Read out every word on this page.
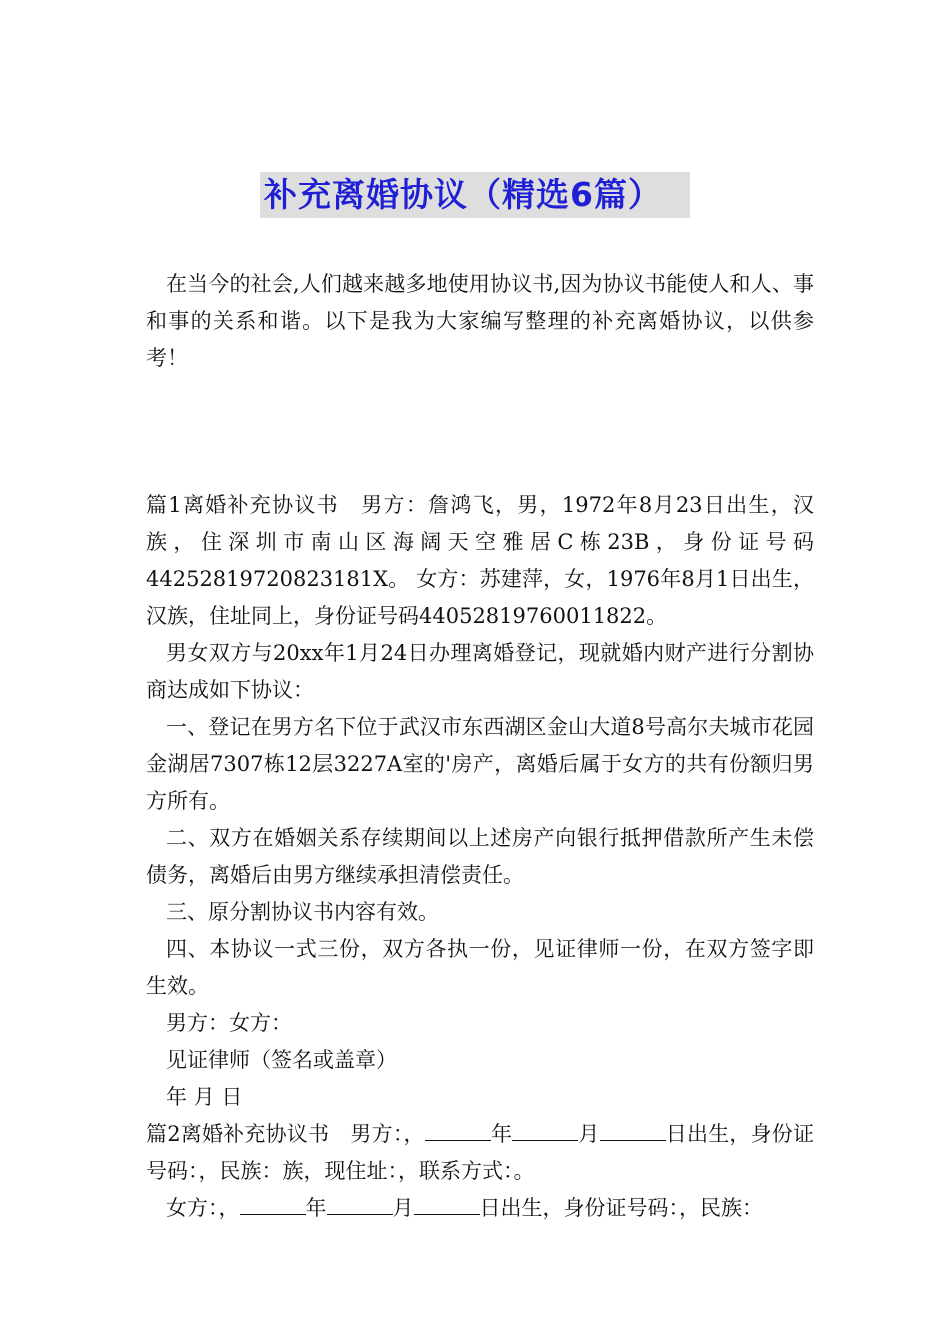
补充离婚协议（精选6篇）

在当今的社会,人们越来越多地使用协议书,因为协议书能使人和人、事和事的关系和谐。以下是我为大家编写整理的补充离婚协议，以供参考！

篇1离婚补充协议书　男方：詹鸿飞，男，1972年8月23日出生，汉族，住深圳市南山区海阔天空雅居C栋23B，身份证号码44252819720823181X。 女方：苏建萍，女，1976年8月1日出生，汉族，住址同上，身份证号码44052819760011822。

男女双方与20xx年1月24日办理离婚登记，现就婚内财产进行分割协商达成如下协议：

一、登记在男方名下位于武汉市东西湖区金山大道8号高尔夫城市花园金湖居7307栋12层3227A室的'房产，离婚后属于女方的共有份额归男方所有。

二、双方在婚姻关系存续期间以上述房产向银行抵押借款所产生未偿债务，离婚后由男方继续承担清偿责任。

三、原分割协议书内容有效。

四、本协议一式三份，双方各执一份，见证律师一份，在双方签字即生效。

男方：女方：

见证律师（签名或盖章）

年 月 日

篇2离婚补充协议书　男方：，	年	月	日出生，身份证号码：，民族：族，现住址：，联系方式：。

女方：，	年	月	日出生，身份证号码：，民族：
